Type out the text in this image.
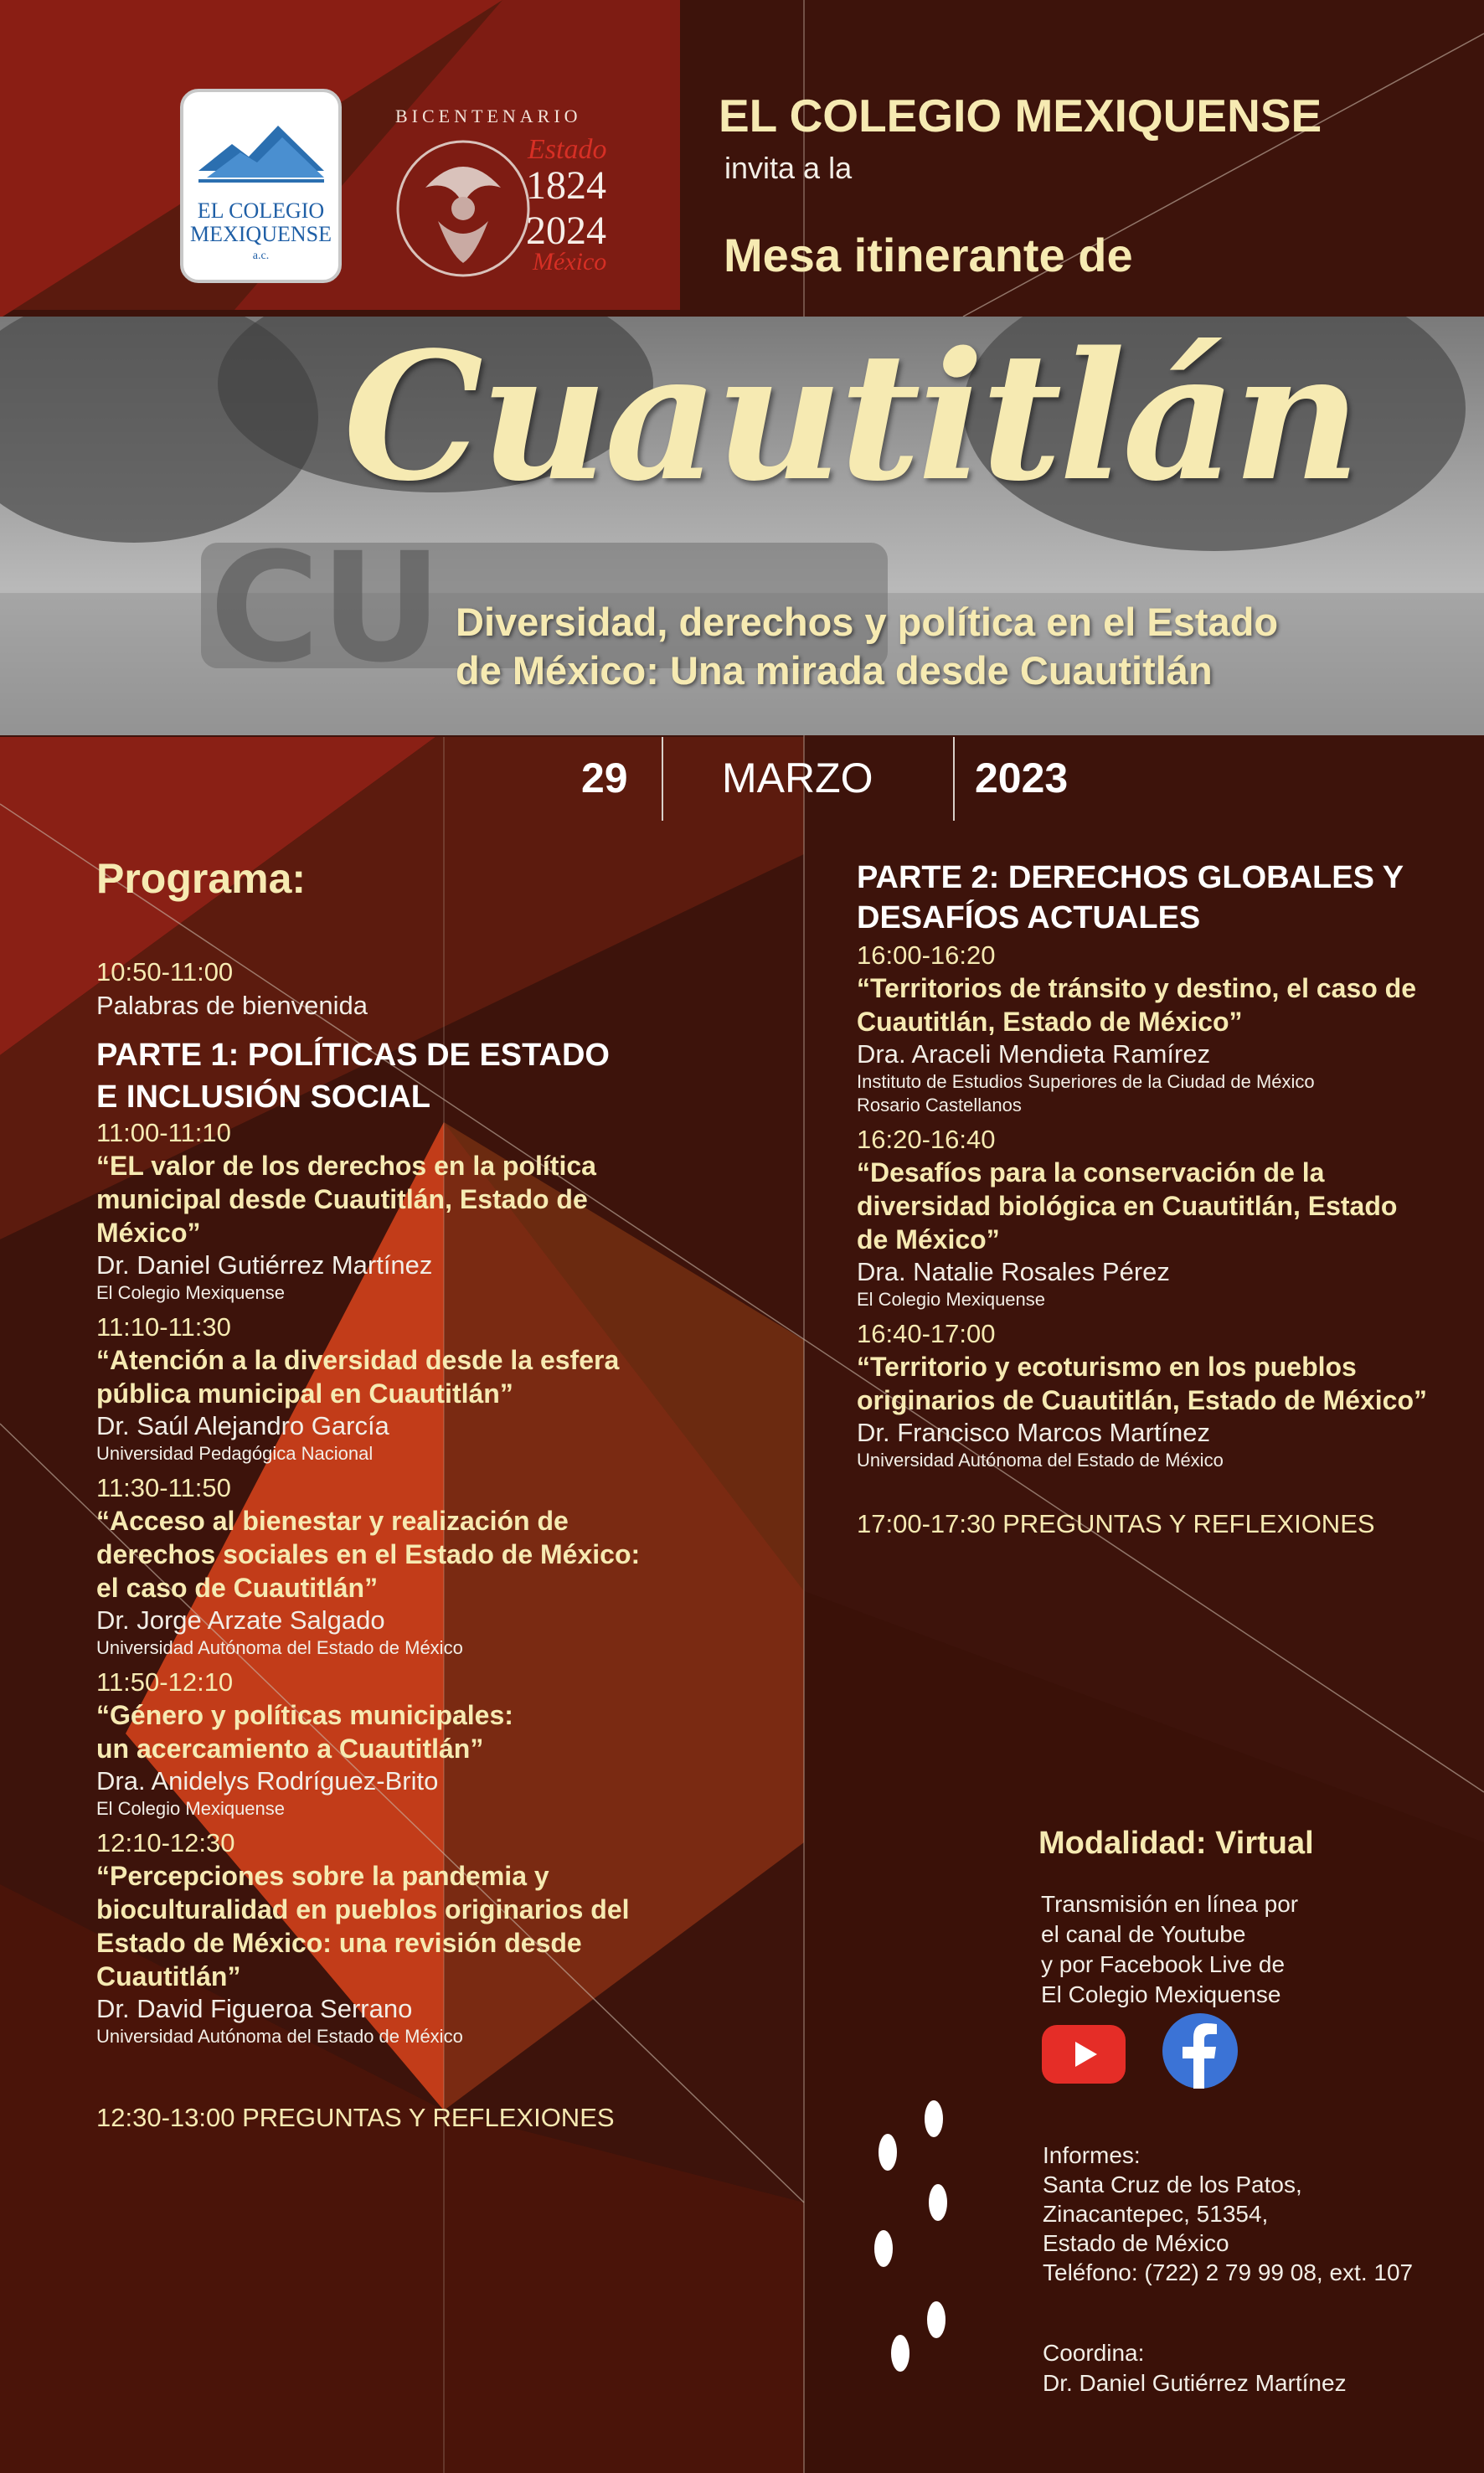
EL COLEGIO
MEXIQUENSE
a.c.
BICENTENARIO
Estado
1824
2024
México
EL COLEGIO MEXIQUENSE
invita a la
Mesa itinerante de
CU
Cuautitlán
Diversidad, derechos y política en el Estado
de México: Una mirada desde Cuautitlán
29 MARZO 2023
Programa:
10:50-11:00
Palabras de bienvenida
PARTE 1: POLÍTICAS DE ESTADO
E INCLUSIÓN SOCIAL
11:00-11:10
“EL valor de los derechos en la política
municipal desde Cuautitlán, Estado de
México”
Dr. Daniel Gutiérrez Martínez
El Colegio Mexiquense
11:10-11:30
“Atención a la diversidad desde la esfera
pública municipal en Cuautitlán”
Dr. Saúl Alejandro García
Universidad Pedagógica Nacional
11:30-11:50
“Acceso al bienestar y realización de
derechos sociales en el Estado de México:
el caso de Cuautitlán”
Dr. Jorge Arzate Salgado
Universidad Autónoma del Estado de México
11:50-12:10
“Género y políticas municipales:
un acercamiento a Cuautitlán”
Dra. Anidelys Rodríguez-Brito
El Colegio Mexiquense
12:10-12:30
“Percepciones sobre la pandemia y
bioculturalidad en pueblos originarios del
Estado de México: una revisión desde
Cuautitlán”
Dr. David Figueroa Serrano
Universidad Autónoma del Estado de México
12:30-13:00 PREGUNTAS Y REFLEXIONES
PARTE 2: DERECHOS GLOBALES Y
DESAFÍOS ACTUALES
16:00-16:20
“Territorios de tránsito y destino, el caso de
Cuautitlán, Estado de México”
Dra. Araceli Mendieta Ramírez
Instituto de Estudios Superiores de la Ciudad de México
Rosario Castellanos
16:20-16:40
“Desafíos para la conservación de la
diversidad biológica en Cuautitlán, Estado
de México”
Dra. Natalie Rosales Pérez
El Colegio Mexiquense
16:40-17:00
“Territorio y ecoturismo en los pueblos
originarios de Cuautitlán, Estado de México”
Dr. Francisco Marcos Martínez
Universidad Autónoma del Estado de México
17:00-17:30 PREGUNTAS Y REFLEXIONES
Modalidad: Virtual
Transmisión en línea por
el canal de Youtube
y por Facebook Live de
El Colegio Mexiquense
Informes:
Santa Cruz de los Patos,
Zinacantepec, 51354,
Estado de México
Teléfono: (722) 2 79 99 08, ext. 107
Coordina:
Dr. Daniel Gutiérrez Martínez
